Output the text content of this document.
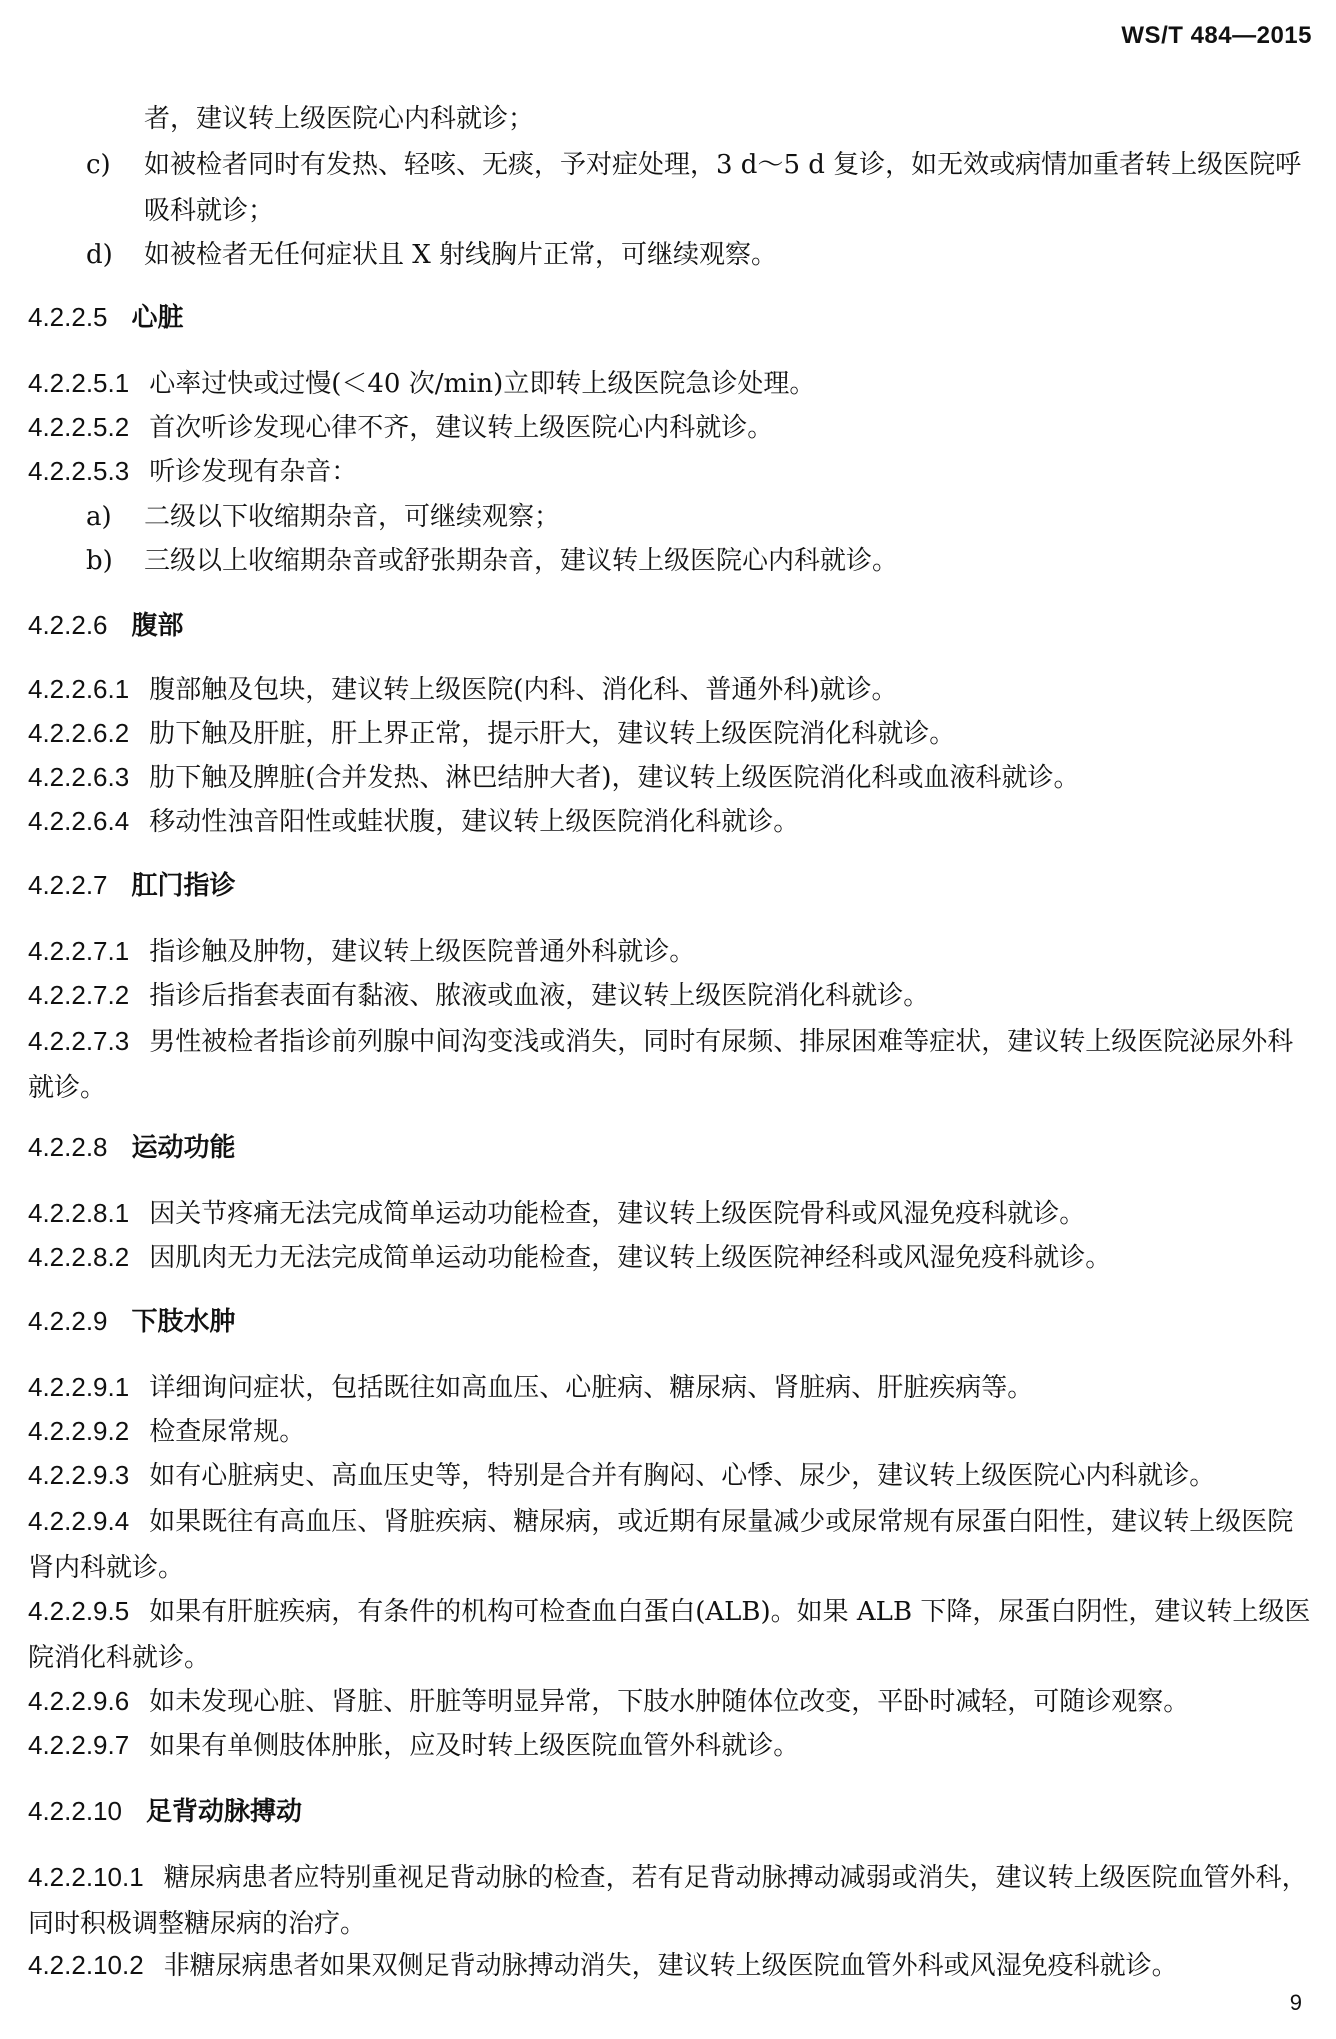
WS/T 484—2015
者，建议转上级医院心内科就诊；
c) 如被检者同时有发热、轻咳、无痰，予对症处理，3 d～5 d 复诊，如无效或病情加重者转上级医院呼吸科就诊；
d) 如被检者无任何症状且 X 射线胸片正常，可继续观察。
4.2.2.5 心脏
4.2.2.5.1 心率过快或过慢(＜40 次/min)立即转上级医院急诊处理。
4.2.2.5.2 首次听诊发现心律不齐，建议转上级医院心内科就诊。
4.2.2.5.3 听诊发现有杂音：
a) 二级以下收缩期杂音，可继续观察；
b) 三级以上收缩期杂音或舒张期杂音，建议转上级医院心内科就诊。
4.2.2.6 腹部
4.2.2.6.1 腹部触及包块，建议转上级医院(内科、消化科、普通外科)就诊。
4.2.2.6.2 肋下触及肝脏，肝上界正常，提示肝大，建议转上级医院消化科就诊。
4.2.2.6.3 肋下触及脾脏(合并发热、淋巴结肿大者)，建议转上级医院消化科或血液科就诊。
4.2.2.6.4 移动性浊音阳性或蛙状腹，建议转上级医院消化科就诊。
4.2.2.7 肛门指诊
4.2.2.7.1 指诊触及肿物，建议转上级医院普通外科就诊。
4.2.2.7.2 指诊后指套表面有黏液、脓液或血液，建议转上级医院消化科就诊。
4.2.2.7.3 男性被检者指诊前列腺中间沟变浅或消失，同时有尿频、排尿困难等症状，建议转上级医院泌尿外科就诊。
4.2.2.8 运动功能
4.2.2.8.1 因关节疼痛无法完成简单运动功能检查，建议转上级医院骨科或风湿免疫科就诊。
4.2.2.8.2 因肌肉无力无法完成简单运动功能检查，建议转上级医院神经科或风湿免疫科就诊。
4.2.2.9 下肢水肿
4.2.2.9.1 详细询问症状，包括既往如高血压、心脏病、糖尿病、肾脏病、肝脏疾病等。
4.2.2.9.2 检查尿常规。
4.2.2.9.3 如有心脏病史、高血压史等，特别是合并有胸闷、心悸、尿少，建议转上级医院心内科就诊。
4.2.2.9.4 如果既往有高血压、肾脏疾病、糖尿病，或近期有尿量减少或尿常规有尿蛋白阳性，建议转上级医院肾内科就诊。
4.2.2.9.5 如果有肝脏疾病，有条件的机构可检查血白蛋白(ALB)。如果 ALB 下降，尿蛋白阴性，建议转上级医院消化科就诊。
4.2.2.9.6 如未发现心脏、肾脏、肝脏等明显异常，下肢水肿随体位改变，平卧时减轻，可随诊观察。
4.2.2.9.7 如果有单侧肢体肿胀，应及时转上级医院血管外科就诊。
4.2.2.10 足背动脉搏动
4.2.2.10.1 糖尿病患者应特别重视足背动脉的检查，若有足背动脉搏动减弱或消失，建议转上级医院血管外科，同时积极调整糖尿病的治疗。
4.2.2.10.2 非糖尿病患者如果双侧足背动脉搏动消失，建议转上级医院血管外科或风湿免疫科就诊。
9
